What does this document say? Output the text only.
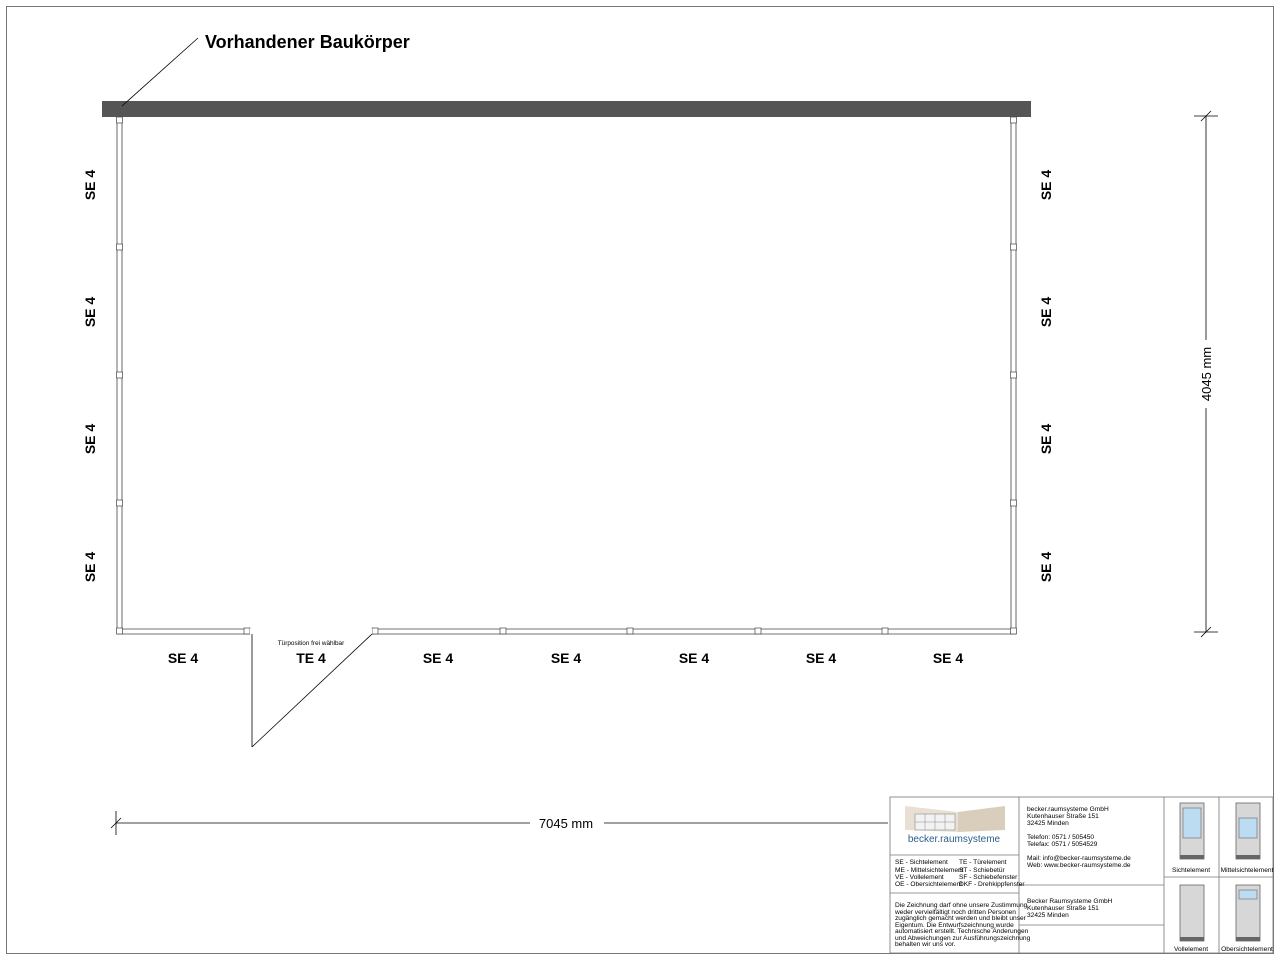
Vorhandener Baukörper
Türposition frei wählbar
SE 4
SE 4
SE 4
SE 4
SE 4
SE 4
SE 4
SE 4
SE 4	TE 4	SE 4	SE 4	SE 4	SE 4	SE 4
4045 mm
7045 mm
becker.raumsysteme
SE - Sichtelement
ME - Mittelsichtelement
VE - Vollelement
OE - Obersichtelement
TE - Türelement
ST - Schiebetür
SF - Schiebefenster
DKF - Drehkippfenster
Die Zeichnung darf ohne unsere Zustimmung
weder vervielfältigt noch dritten Personen
zugänglich gemacht werden und bleibt unser
Eigentum. Die Entwurfszeichnung wurde
automatisiert erstellt. Technische Änderungen
und Abweichungen zur Ausführungszeichnung
behalten wir uns vor.
becker.raumsysteme GmbH
Kutenhauser Straße 151
32425 Minden
Telefon: 0571 / 505450
Telefax: 0571 / 5054529
Mail: info@becker-raumsysteme.de
Web: www.becker-raumsysteme.de
Becker Raumsysteme GmbH
Kutenhauser Straße 151
32425 Minden
Sichtelement Mittelsichtelement
Vollelement Obersichtelement
